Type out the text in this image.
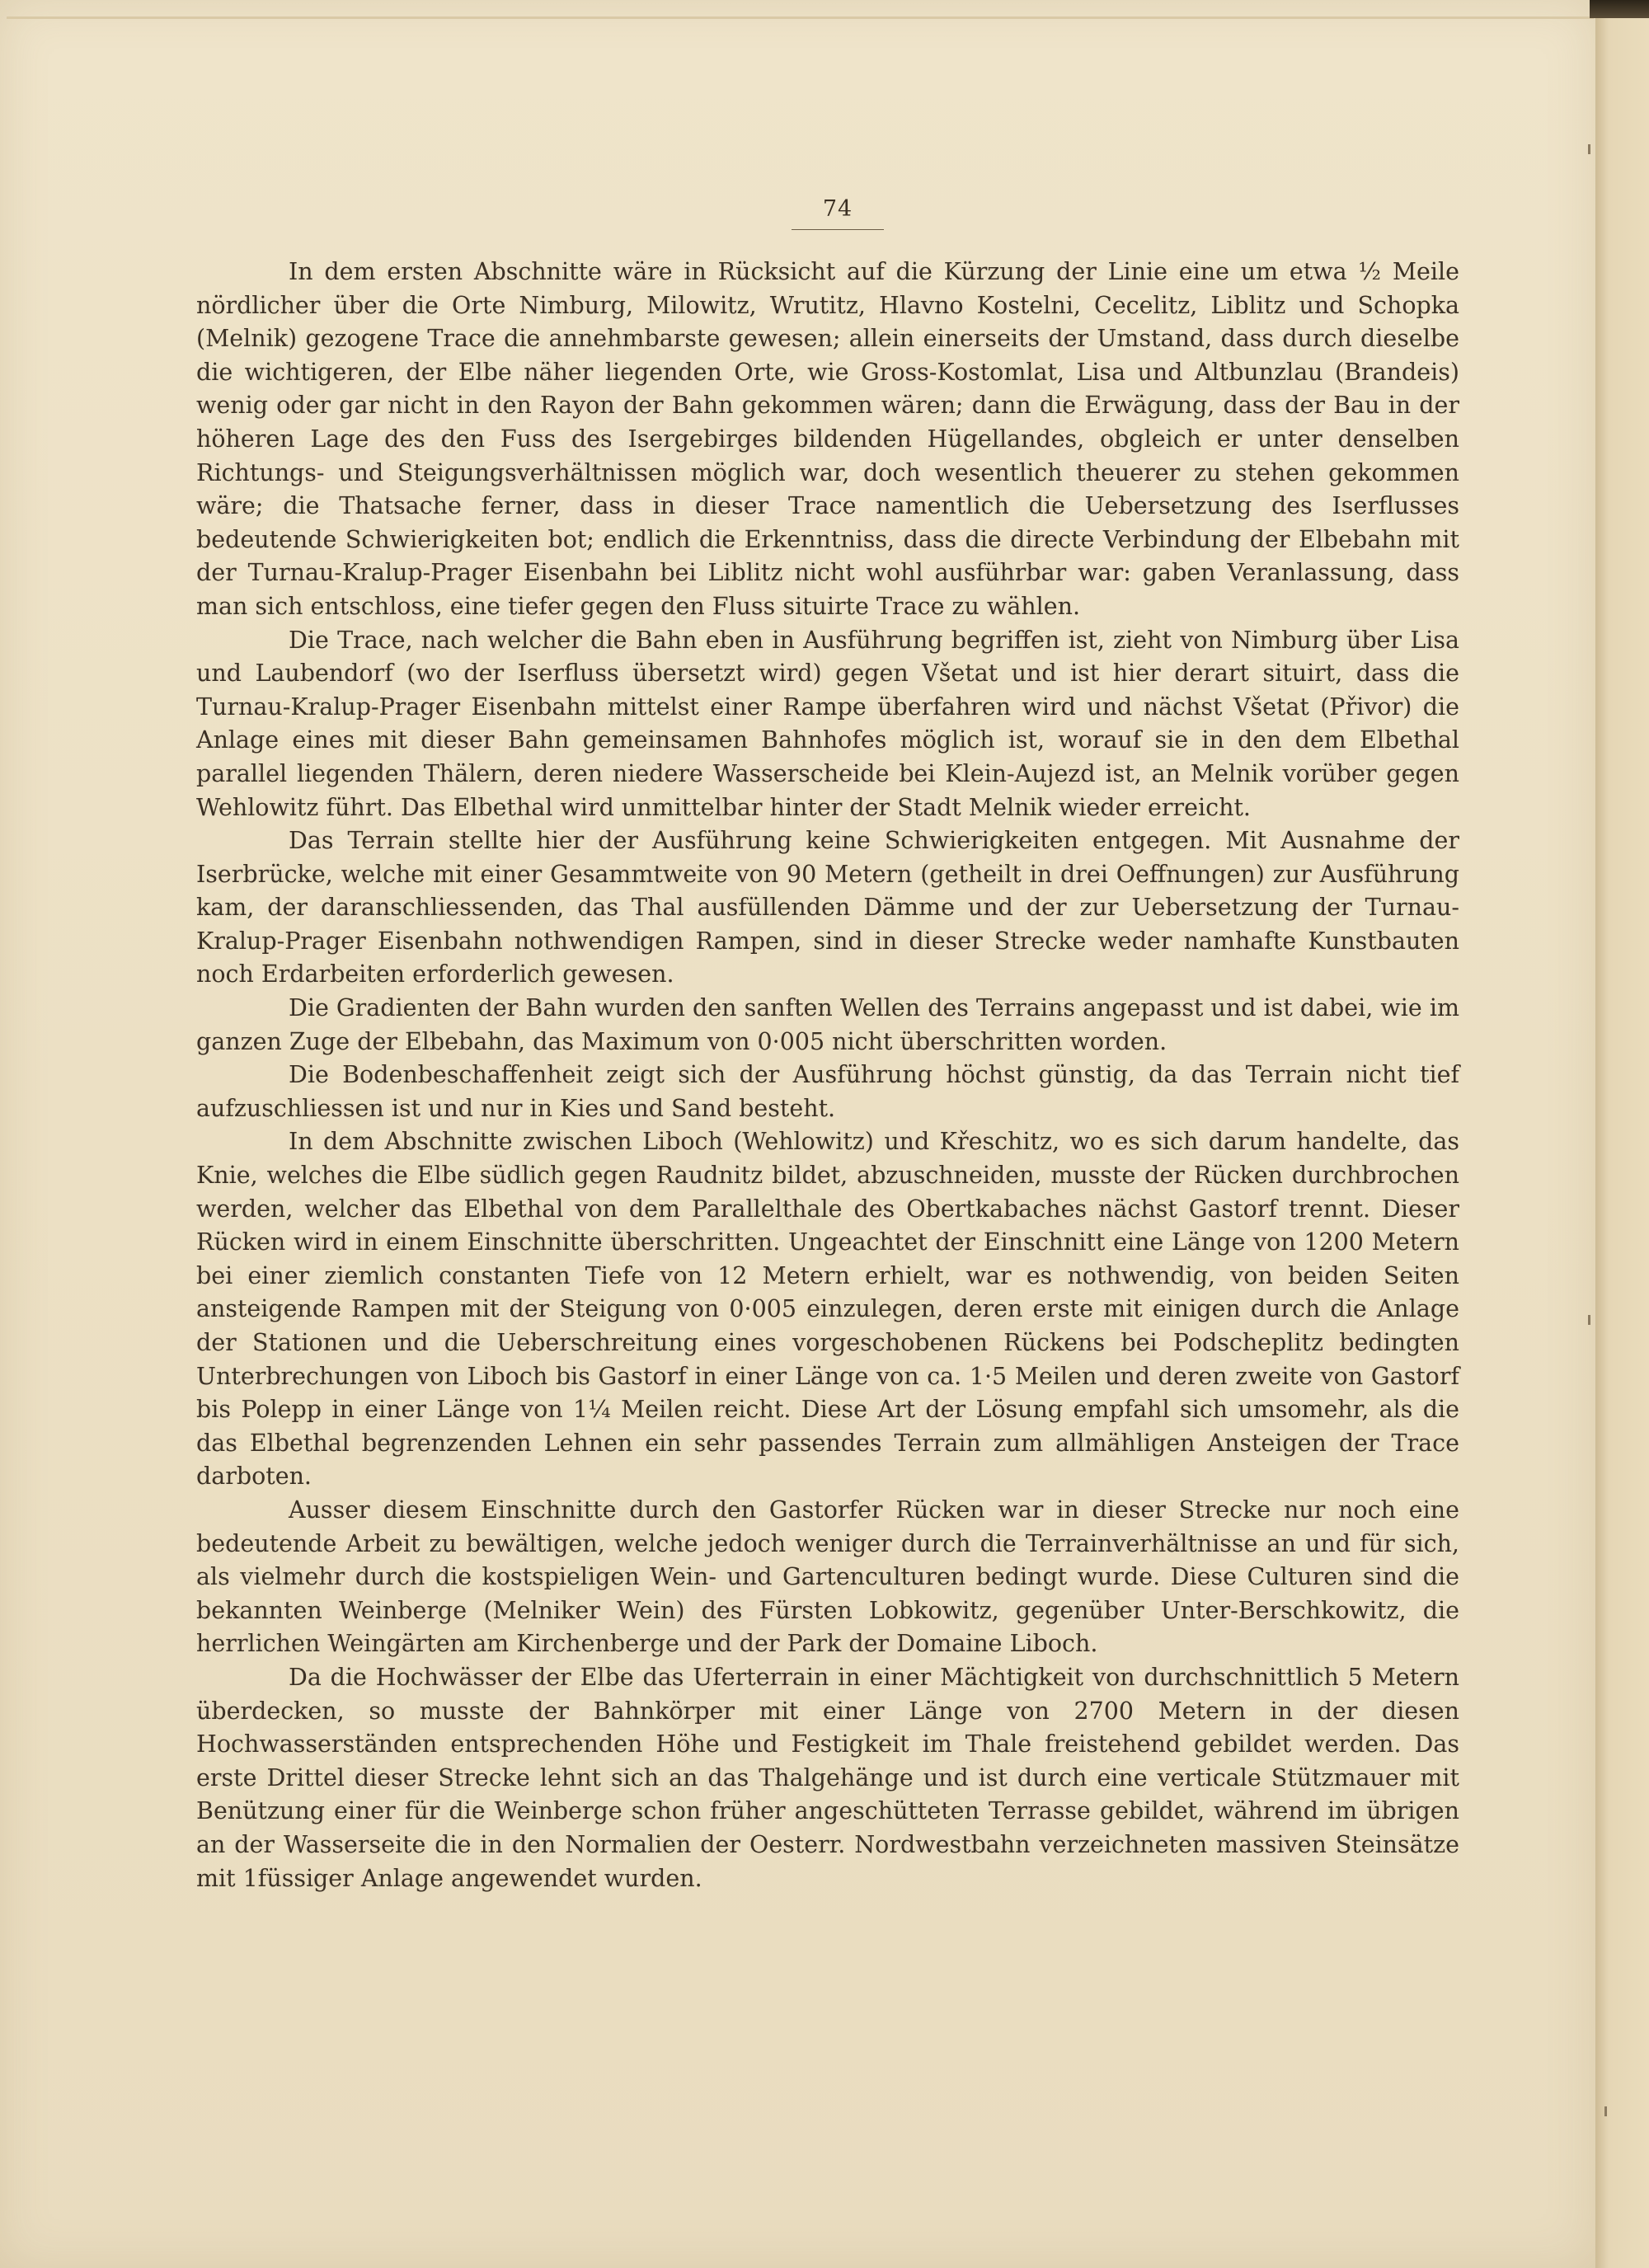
74

In dem ersten Abschnitte wäre in Rücksicht auf die Kürzung der Linie eine um etwa ½ Meile nördlicher über die Orte Nimburg, Milowitz, Wrutitz, Hlavno Kostelni, Cecelitz, Liblitz und Schopka (Melnik) gezogene Trace die annehmbarste gewesen; allein einerseits der Umstand, dass durch dieselbe die wichtigeren, der Elbe näher liegenden Orte, wie Gross-Kostomlat, Lisa und Altbunzlau (Brandeis) wenig oder gar nicht in den Rayon der Bahn gekommen wären; dann die Erwägung, dass der Bau in der höheren Lage des den Fuss des Isergebirges bildenden Hügellandes, obgleich er unter denselben Richtungs- und Steigungsverhältnissen möglich war, doch wesentlich theuerer zu stehen gekommen wäre; die Thatsache ferner, dass in dieser Trace namentlich die Uebersetzung des Iserflusses bedeutende Schwierigkeiten bot; endlich die Erkenntniss, dass die directe Verbindung der Elbebahn mit der Turnau-Kralup-Prager Eisenbahn bei Liblitz nicht wohl ausführbar war: gaben Veranlassung, dass man sich entschloss, eine tiefer gegen den Fluss situirte Trace zu wählen.

Die Trace, nach welcher die Bahn eben in Ausführung begriffen ist, zieht von Nimburg über Lisa und Laubendorf (wo der Iserfluss übersetzt wird) gegen Všetat und ist hier derart situirt, dass die Turnau-Kralup-Prager Eisenbahn mittelst einer Rampe überfahren wird und nächst Všetat (Přivor) die Anlage eines mit dieser Bahn gemeinsamen Bahnhofes möglich ist, worauf sie in den dem Elbethal parallel liegenden Thälern, deren niedere Wasserscheide bei Klein-Aujezd ist, an Melnik vorüber gegen Wehlowitz führt. Das Elbethal wird unmittelbar hinter der Stadt Melnik wieder erreicht.

Das Terrain stellte hier der Ausführung keine Schwierigkeiten entgegen. Mit Ausnahme der Iserbrücke, welche mit einer Gesammtweite von 90 Metern (getheilt in drei Oeffnungen) zur Ausführung kam, der daranschliessenden, das Thal ausfüllenden Dämme und der zur Uebersetzung der Turnau-Kralup-Prager Eisenbahn nothwendigen Rampen, sind in dieser Strecke weder namhafte Kunstbauten noch Erdarbeiten erforderlich gewesen.

Die Gradienten der Bahn wurden den sanften Wellen des Terrains angepasst und ist dabei, wie im ganzen Zuge der Elbebahn, das Maximum von 0·005 nicht überschritten worden.

Die Bodenbeschaffenheit zeigt sich der Ausführung höchst günstig, da das Terrain nicht tief aufzuschliessen ist und nur in Kies und Sand besteht.

In dem Abschnitte zwischen Liboch (Wehlowitz) und Křeschitz, wo es sich darum handelte, das Knie, welches die Elbe südlich gegen Raudnitz bildet, abzuschneiden, musste der Rücken durchbrochen werden, welcher das Elbethal von dem Parallelthale des Obertkabaches nächst Gastorf trennt. Dieser Rücken wird in einem Einschnitte überschritten. Ungeachtet der Einschnitt eine Länge von 1200 Metern bei einer ziemlich constanten Tiefe von 12 Metern erhielt, war es nothwendig, von beiden Seiten ansteigende Rampen mit der Steigung von 0·005 einzulegen, deren erste mit einigen durch die Anlage der Stationen und die Ueberschreitung eines vorgeschobenen Rückens bei Podscheplitz bedingten Unterbrechungen von Liboch bis Gastorf in einer Länge von ca. 1·5 Meilen und deren zweite von Gastorf bis Polepp in einer Länge von 1¼ Meilen reicht. Diese Art der Lösung empfahl sich umsomehr, als die das Elbethal begrenzenden Lehnen ein sehr passendes Terrain zum allmähligen Ansteigen der Trace darboten.

Ausser diesem Einschnitte durch den Gastorfer Rücken war in dieser Strecke nur noch eine bedeutende Arbeit zu bewältigen, welche jedoch weniger durch die Terrainverhältnisse an und für sich, als vielmehr durch die kostspieligen Wein- und Gartenculturen bedingt wurde. Diese Culturen sind die bekannten Weinberge (Melniker Wein) des Fürsten Lobkowitz, gegenüber Unter-Berschkowitz, die herrlichen Weingärten am Kirchenberge und der Park der Domaine Liboch.

Da die Hochwässer der Elbe das Uferterrain in einer Mächtigkeit von durchschnittlich 5 Metern überdecken, so musste der Bahnkörper mit einer Länge von 2700 Metern in der diesen Hochwasserständen entsprechenden Höhe und Festigkeit im Thale freistehend gebildet werden. Das erste Drittel dieser Strecke lehnt sich an das Thalgehänge und ist durch eine verticale Stützmauer mit Benützung einer für die Weinberge schon früher angeschütteten Terrasse gebildet, während im übrigen an der Wasserseite die in den Normalien der Oesterr. Nordwestbahn verzeichneten massiven Steinsätze mit 1füssiger Anlage angewendet wurden.
